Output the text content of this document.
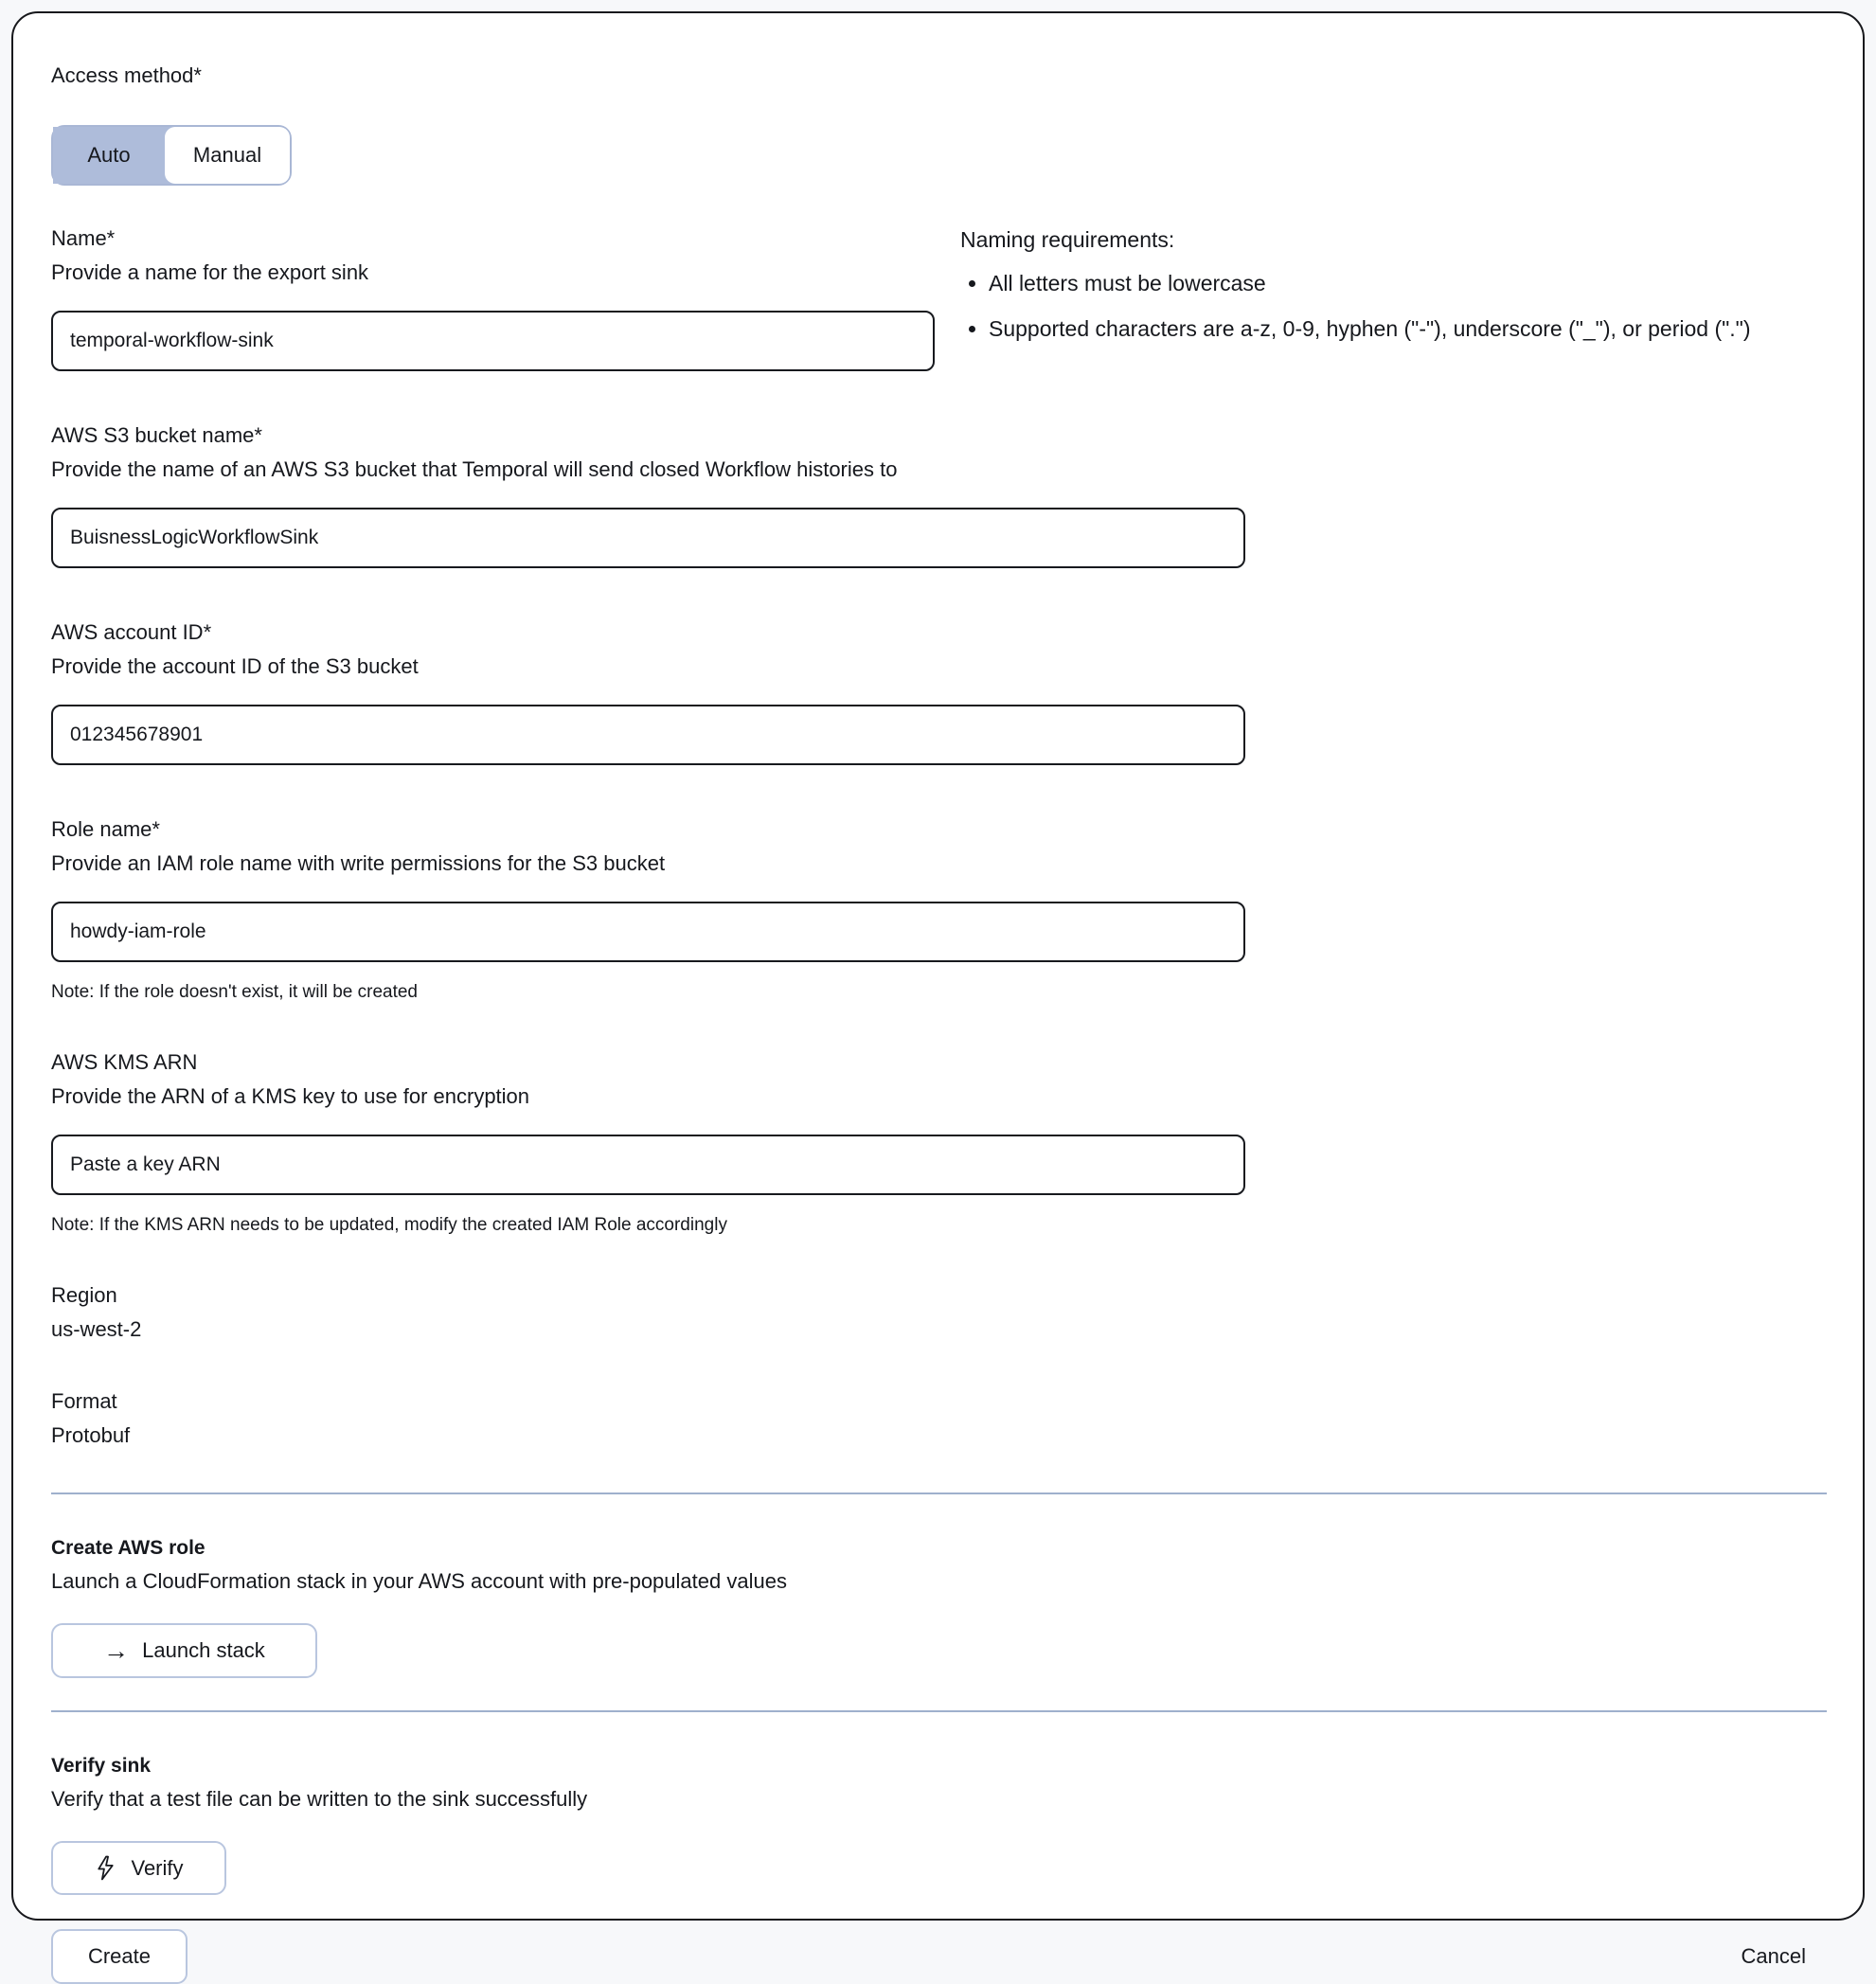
Access method*
Auto	Manual
Name*
Provide a name for the export sink
temporal-workflow-sink
Naming requirements:
• All letters must be lowercase
• Supported characters are a-z, 0-9, hyphen ("-"), underscore ("_"), or period (".")
AWS S3 bucket name*
Provide the name of an AWS S3 bucket that Temporal will send closed Workflow histories to
BuisnessLogicWorkflowSink
AWS account ID*
Provide the account ID of the S3 bucket
012345678901
Role name*
Provide an IAM role name with write permissions for the S3 bucket
howdy-iam-role
Note: If the role doesn't exist, it will be created
AWS KMS ARN
Provide the ARN of a KMS key to use for encryption
Paste a key ARN
Note: If the KMS ARN needs to be updated, modify the created IAM Role accordingly
Region
us-west-2
Format
Protobuf
Create AWS role
Launch a CloudFormation stack in your AWS account with pre-populated values
→ Launch stack
Verify sink
Verify that a test file can be written to the sink successfully
Verify
Create	Cancel
